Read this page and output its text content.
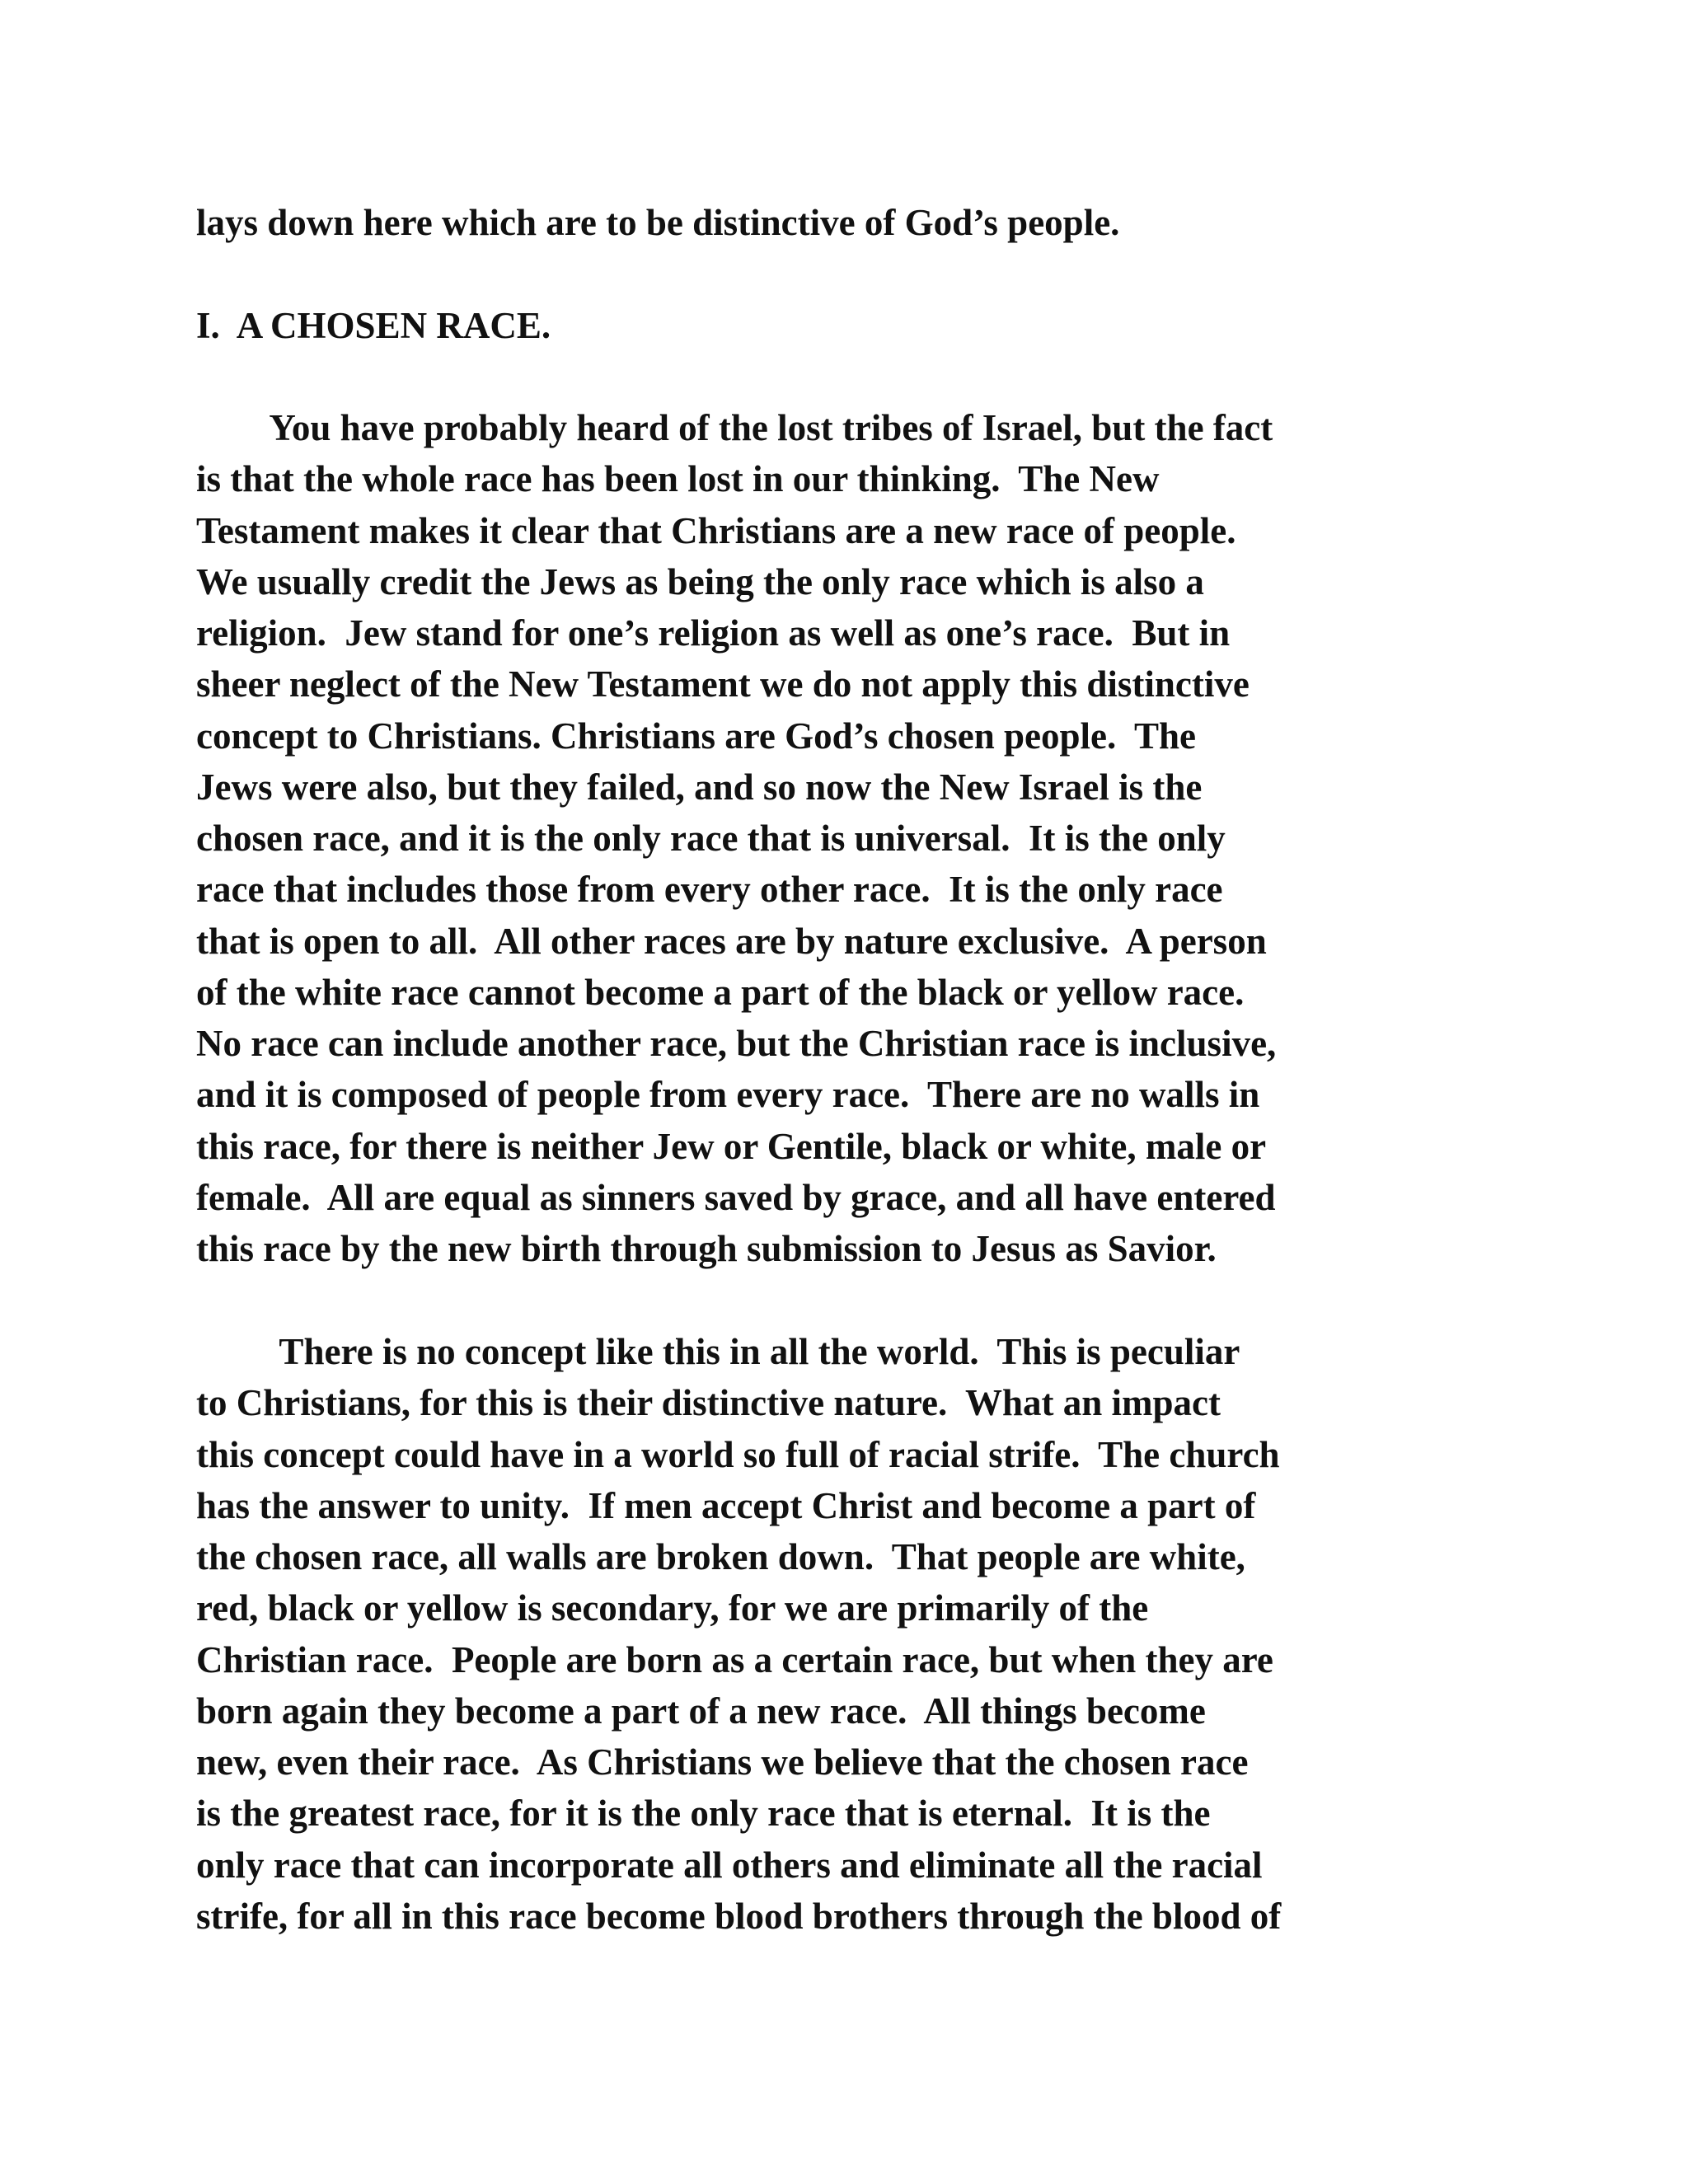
lays down here which are to be distinctive of God’s people.

I.  A CHOSEN RACE.

You have probably heard of the lost tribes of Israel, but the fact

is that the whole race has been lost in our thinking.  The New

Testament makes it clear that Christians are a new race of people.

We usually credit the Jews as being the only race which is also a

religion.  Jew stand for one’s religion as well as one’s race.  But in

sheer neglect of the New Testament we do not apply this distinctive

concept to Christians. Christians are God’s chosen people.  The

Jews were also, but they failed, and so now the New Israel is the

chosen race, and it is the only race that is universal.  It is the only

race that includes those from every other race.  It is the only race

that is open to all.  All other races are by nature exclusive.  A person

of the white race cannot become a part of the black or yellow race.

No race can include another race, but the Christian race is inclusive,

and it is composed of people from every race.  There are no walls in

this race, for there is neither Jew or Gentile, black or white, male or

female.  All are equal as sinners saved by grace, and all have entered

this race by the new birth through submission to Jesus as Savior.

There is no concept like this in all the world.  This is peculiar

to Christians, for this is their distinctive nature.  What an impact

this concept could have in a world so full of racial strife.  The church

has the answer to unity.  If men accept Christ and become a part of

the chosen race, all walls are broken down.  That people are white,

red, black or yellow is secondary, for we are primarily of the

Christian race.  People are born as a certain race, but when they are

born again they become a part of a new race.  All things become

new, even their race.  As Christians we believe that the chosen race

is the greatest race, for it is the only race that is eternal.  It is the

only race that can incorporate all others and eliminate all the racial

strife, for all in this race become blood brothers through the blood of
